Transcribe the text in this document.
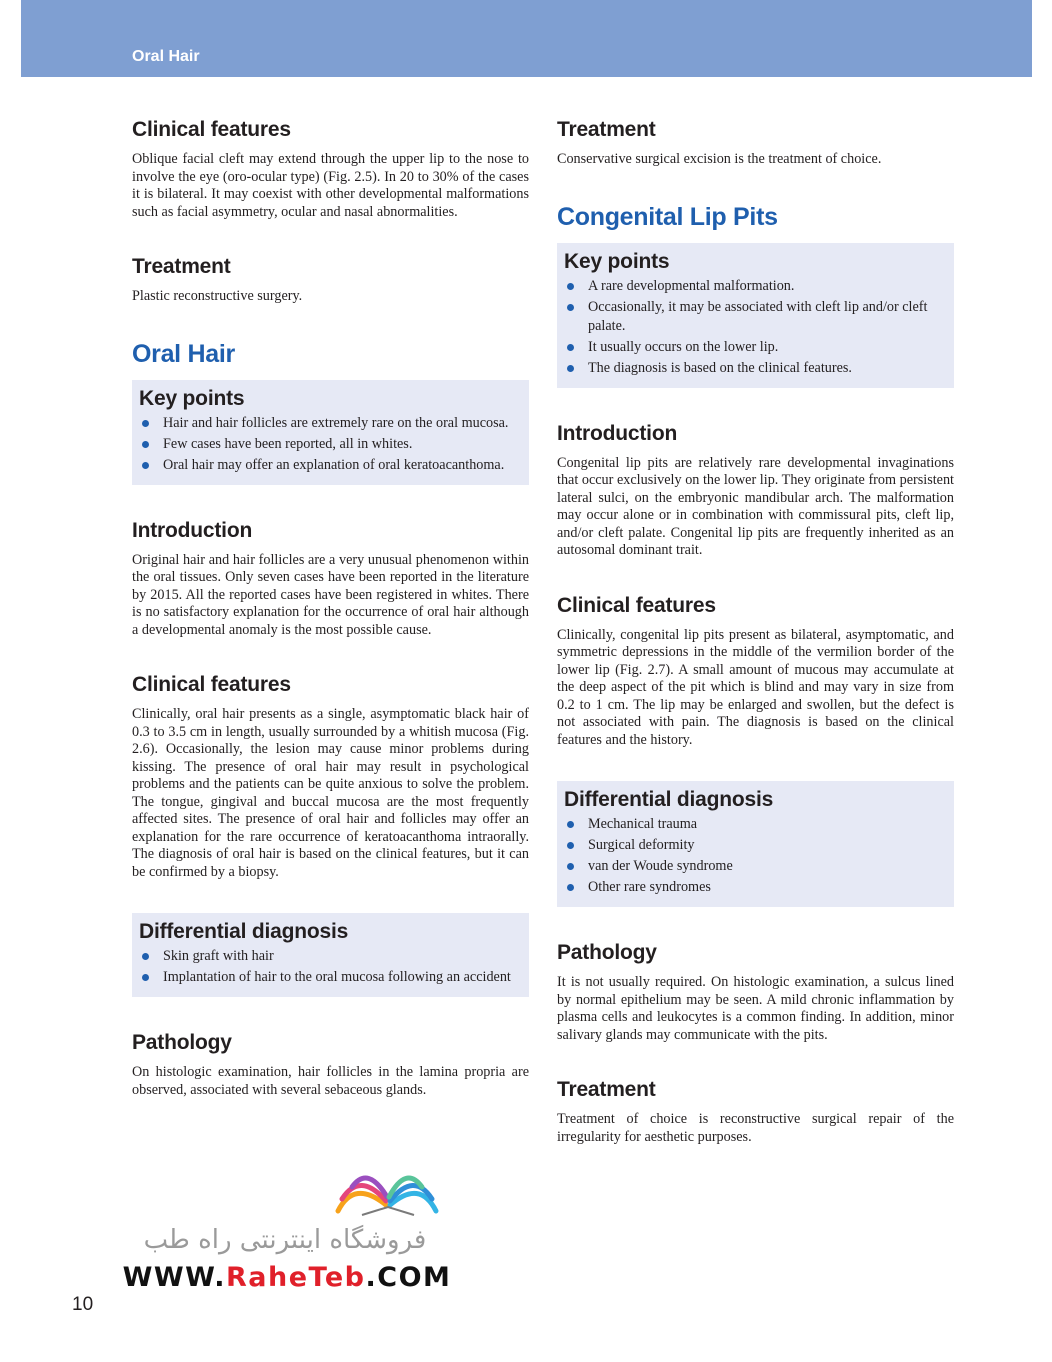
Oral Hair
Clinical features

Oblique facial cleft may extend through the upper lip to the nose to involve the eye (oro-ocular type) (Fig. 2.5). In 20 to 30% of the cases it is bilateral. It may coexist with other developmental malformations such as facial asymmetry, ocular and nasal abnormalities.

Treatment

Plastic reconstructive surgery.

Oral Hair
Key points
Hair and hair follicles are extremely rare on the oral mucosa.
Few cases have been reported, all in whites.
Oral hair may offer an explanation of oral keratoacanthoma.
Introduction

Original hair and hair follicles are a very unusual phenomenon within the oral tissues. Only seven cases have been reported in the literature by 2015. All the reported cases have been registered in whites. There is no satisfactory explanation for the occurrence of oral hair although a developmental anomaly is the most possible cause.

Clinical features

Clinically, oral hair presents as a single, asymptomatic black hair of 0.3 to 3.5 cm in length, usually surrounded by a whitish mucosa (Fig. 2.6). Occasionally, the lesion may cause minor problems during kissing. The presence of oral hair may result in psychological problems and the patients can be quite anxious to solve the problem. The tongue, gingival and buccal mucosa are the most frequently affected sites. The presence of oral hair and follicles may offer an explanation for the rare occurrence of keratoacanthoma intraorally. The diagnosis of oral hair is based on the clinical features, but it can be confirmed by a biopsy.

Differential diagnosis
Skin graft with hair
Implantation of hair to the oral mucosa following an accident
Pathology

On histologic examination, hair follicles in the lamina propria are observed, associated with several sebaceous glands.

Treatment

Conservative surgical excision is the treatment of choice.

Congenital Lip Pits
Key points
A rare developmental malformation.
Occasionally, it may be associated with cleft lip and/or cleft palate.
It usually occurs on the lower lip.
The diagnosis is based on the clinical features.
Introduction

Congenital lip pits are relatively rare developmental invaginations that occur exclusively on the lower lip. They originate from persistent lateral sulci, on the embryonic mandibular arch. The malformation may occur alone or in combination with commissural pits, cleft lip, and/or cleft palate. Congenital lip pits are frequently inherited as an autosomal dominant trait.

Clinical features

Clinically, congenital lip pits present as bilateral, asymptomatic, and symmetric depressions in the middle of the vermilion border of the lower lip (Fig. 2.7). A small amount of mucous may accumulate at the deep aspect of the pit which is blind and may vary in size from 0.2 to 1 cm. The lip may be enlarged and swollen, but the defect is not associated with pain. The diagnosis is based on the clinical features and the history.

Differential diagnosis
Mechanical trauma
Surgical deformity
van der Woude syndrome
Other rare syndromes
Pathology

It is not usually required. On histologic examination, a sulcus lined by normal epithelium may be seen. A mild chronic inflammation by plasma cells and leukocytes is a common finding. In addition, minor salivary glands may communicate with the pits.

Treatment

Treatment of choice is reconstructive surgical repair of the irregularity for aesthetic purposes.

فروشگاه اینترنتی راه طب
WWW.RaheTeb.COM
10
